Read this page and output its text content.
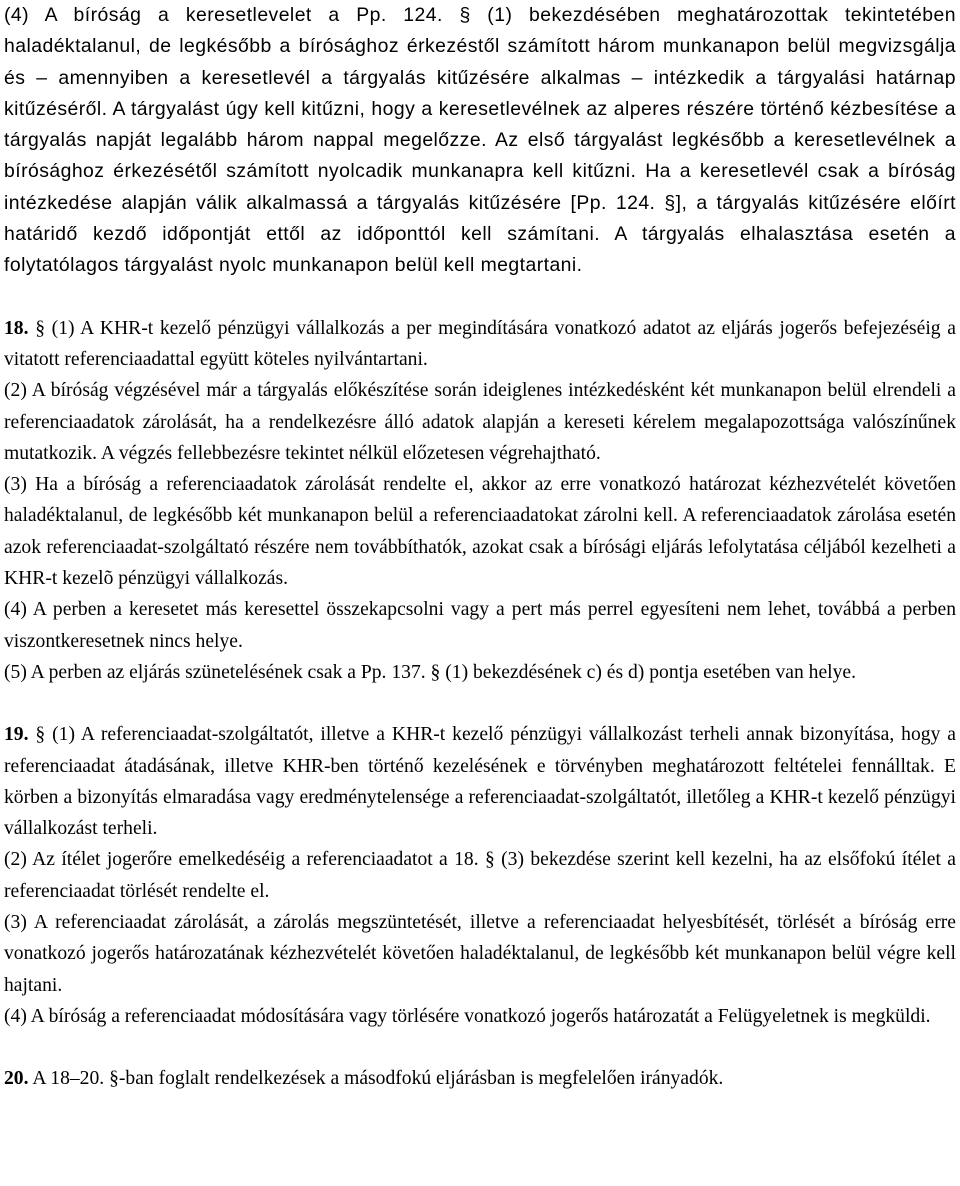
(4) A bíróság a keresetlevelet a Pp. 124. § (1) bekezdésében meghatározottak tekintetében haladéktalanul, de legkésőbb a bírósághoz érkezéstől számított három munkanapon belül megvizsgálja és – amennyiben a keresetlevél a tárgyalás kitűzésére alkalmas – intézkedik a tárgyalási határnap kitűzéséről. A tárgyalást úgy kell kitűzni, hogy a keresetlevélnek az alperes részére történő kézbesítése a tárgyalás napját legalább három nappal megelőzze. Az első tárgyalást legkésőbb a keresetlevélnek a bírósághoz érkezésétől számított nyolcadik munkanapra kell kitűzni. Ha a keresetlevél csak a bíróság intézkedése alapján válik alkalmassá a tárgyalás kitűzésére [Pp. 124. §], a tárgyalás kitűzésére előírt határidő kezdő időpontját ettől az időponttól kell számítani. A tárgyalás elhalasztása esetén a folytatólagos tárgyalást nyolc munkanapon belül kell megtartani.

18. § (1) A KHR-t kezelő pénzügyi vállalkozás a per megindítására vonatkozó adatot az eljárás jogerős befejezéséig a vitatott referenciaadattal együtt köteles nyilvántartani.

(2) A bíróság végzésével már a tárgyalás előkészítése során ideiglenes intézkedésként két munkanapon belül elrendeli a referenciaadatok zárolását, ha a rendelkezésre álló adatok alapján a kereseti kérelem megalapozottsága valószínűnek mutatkozik. A végzés fellebbezésre tekintet nélkül előzetesen végrehajtható.

(3) Ha a bíróság a referenciaadatok zárolását rendelte el, akkor az erre vonatkozó határozat kézhezvételét követően haladéktalanul, de legkésőbb két munkanapon belül a referenciaadatokat zárolni kell. A referenciaadatok zárolása esetén azok referenciaadat-szolgáltató részére nem továbbíthatók, azokat csak a bírósági eljárás lefolytatása céljából kezelheti a KHR-t kezelõ pénzügyi vállalkozás.

(4) A perben a keresetet más keresettel összekapcsolni vagy a pert más perrel egyesíteni nem lehet, továbbá a perben viszontkeresetnek nincs helye.

(5) A perben az eljárás szünetelésének csak a Pp. 137. § (1) bekezdésének c) és d) pontja esetében van helye.

19. § (1) A referenciaadat-szolgáltatót, illetve a KHR-t kezelő pénzügyi vállalkozást terheli annak bizonyítása, hogy a referenciaadat átadásának, illetve KHR-ben történő kezelésének e törvényben meghatározott feltételei fennálltak. E körben a bizonyítás elmaradása vagy eredménytelensége a referenciaadat-szolgáltatót, illetőleg a KHR-t kezelő pénzügyi vállalkozást terheli.

(2) Az ítélet jogerőre emelkedéséig a referenciaadatot a 18. § (3) bekezdése szerint kell kezelni, ha az elsőfokú ítélet a referenciaadat törlését rendelte el.

(3) A referenciaadat zárolását, a zárolás megszüntetését, illetve a referenciaadat helyesbítését, törlését a bíróság erre vonatkozó jogerős határozatának kézhezvételét követően haladéktalanul, de legkésőbb két munkanapon belül végre kell hajtani.

(4) A bíróság a referenciaadat módosítására vagy törlésére vonatkozó jogerős határozatát a Felügyeletnek is megküldi.

20. A 18–20. §-ban foglalt rendelkezések a másodfokú eljárásban is megfelelően irányadók.
